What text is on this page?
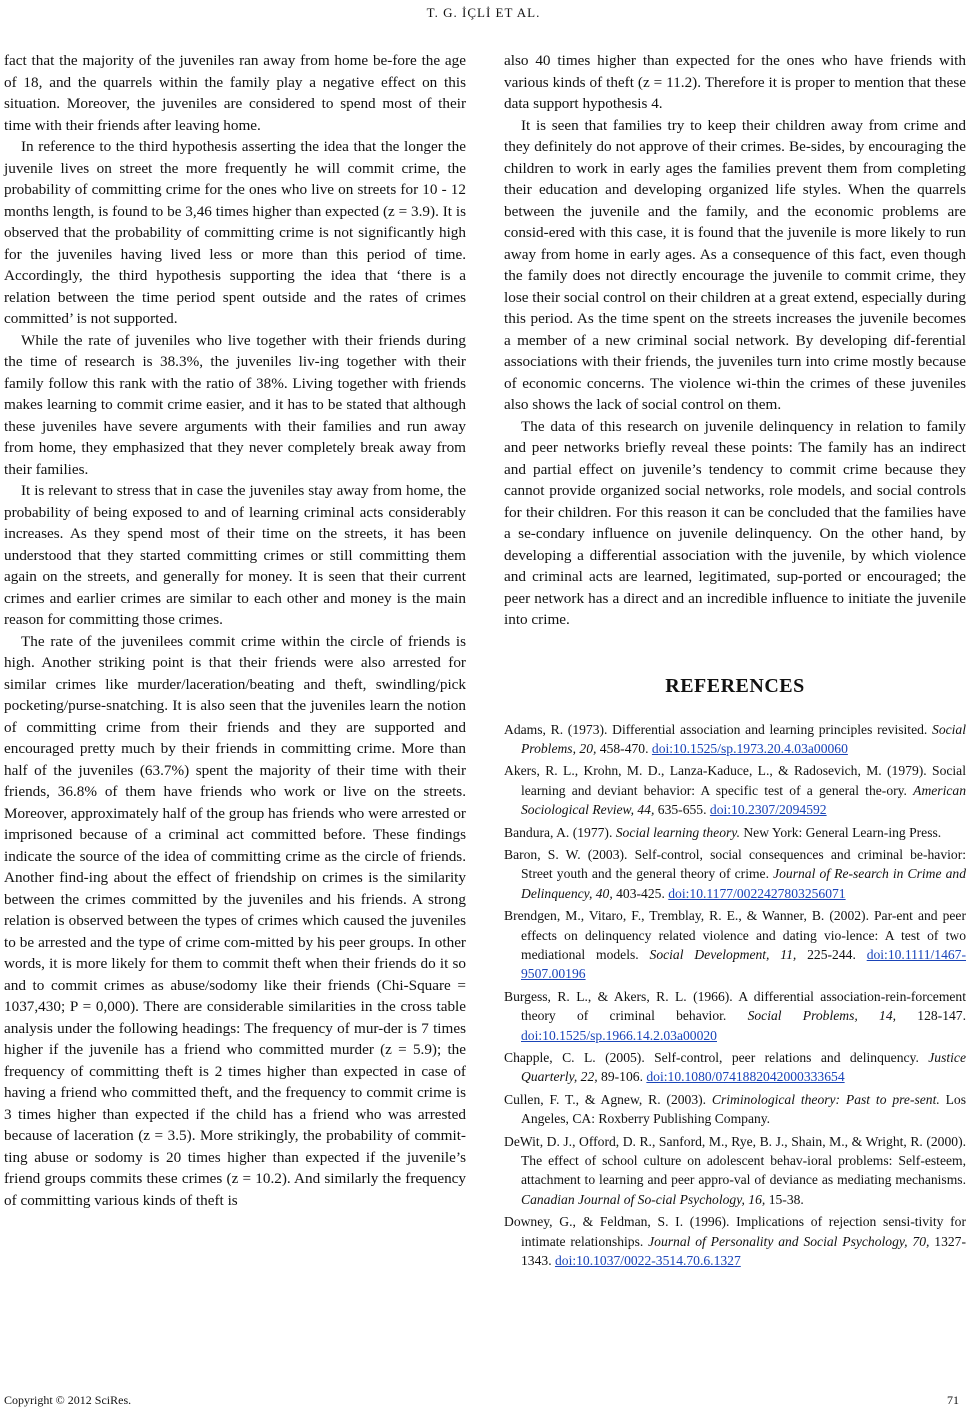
T. G. İÇLİ ET AL.

fact that the majority of the juveniles ran away from home be-fore the age of 18, and the quarrels within the family play a negative effect on this situation. Moreover, the juveniles are considered to spend most of their time with their friends after leaving home.

In reference to the third hypothesis asserting the idea that the longer the juvenile lives on street the more frequently he will commit crime, the probability of committing crime for the ones who live on streets for 10 - 12 months length, is found to be 3,46 times higher than expected (z = 3.9). It is observed that the probability of committing crime is not significantly high for the juveniles having lived less or more than this period of time. Accordingly, the third hypothesis supporting the idea that ‘there is a relation between the time period spent outside and the rates of crimes committed’ is not supported.

While the rate of juveniles who live together with their friends during the time of research is 38.3%, the juveniles liv-ing together with their family follow this rank with the ratio of 38%. Living together with friends makes learning to commit crime easier, and it has to be stated that although these juveniles have severe arguments with their families and run away from home, they emphasized that they never completely break away from their families.

It is relevant to stress that in case the juveniles stay away from home, the probability of being exposed to and of learning criminal acts considerably increases. As they spend most of their time on the streets, it has been understood that they started committing crimes or still committing them again on the streets, and generally for money. It is seen that their current crimes and earlier crimes are similar to each other and money is the main reason for committing those crimes.

The rate of the juvenilees commit crime within the circle of friends is high. Another striking point is that their friends were also arrested for similar crimes like murder/laceration/beating and theft, swindling/pick pocketing/purse-snatching. It is also seen that the juveniles learn the notion of committing crime from their friends and they are supported and encouraged pretty much by their friends in committing crime. More than half of the juveniles (63.7%) spent the majority of their time with their friends, 36.8% of them have friends who work or live on the streets. Moreover, approximately half of the group has friends who were arrested or imprisoned because of a criminal act committed before. These findings indicate the source of the idea of committing crime as the circle of friends. Another find-ing about the effect of friendship on crimes is the similarity between the crimes committed by the juveniles and his friends. A strong relation is observed between the types of crimes which caused the juveniles to be arrested and the type of crime com-mitted by his peer groups. In other words, it is more likely for them to commit theft when their friends do it so and to commit crimes as abuse/sodomy like their friends (Chi-Square = 1037,430; P = 0,000). There are considerable similarities in the cross table analysis under the following headings: The frequency of mur-der is 7 times higher if the juvenile has a friend who committed murder (z = 5.9); the frequency of committing theft is 2 times higher than expected in case of having a friend who committed theft, and the frequency to commit crime is 3 times higher than expected if the child has a friend who was arrested because of laceration (z = 3.5). More strikingly, the probability of commit-ting abuse or sodomy is 20 times higher than expected if the juvenile’s friend groups commits these crimes (z = 10.2). And similarly the frequency of committing various kinds of theft is

also 40 times higher than expected for the ones who have friends with various kinds of theft (z = 11.2). Therefore it is proper to mention that these data support hypothesis 4.

It is seen that families try to keep their children away from crime and they definitely do not approve of their crimes. Be-sides, by encouraging the children to work in early ages the families prevent them from completing their education and developing organized life styles. When the quarrels between the juvenile and the family, and the economic problems are consid-ered with this case, it is found that the juvenile is more likely to run away from home in early ages. As a consequence of this fact, even though the family does not directly encourage the juvenile to commit crime, they lose their social control on their children at a great extend, especially during this period. As the time spent on the streets increases the juvenile becomes a member of a new criminal social network. By developing dif-ferential associations with their friends, the juveniles turn into crime mostly because of economic concerns. The violence wi-thin the crimes of these juveniles also shows the lack of social control on them.

The data of this research on juvenile delinquency in relation to family and peer networks briefly reveal these points: The family has an indirect and partial effect on juvenile’s tendency to commit crime because they cannot provide organized social networks, role models, and social controls for their children. For this reason it can be concluded that the families have a se-condary influence on juvenile delinquency. On the other hand, by developing a differential association with the juvenile, by which violence and criminal acts are learned, legitimated, sup-ported or encouraged; the peer network has a direct and an incredible influence to initiate the juvenile into crime.

REFERENCES
Adams, R. (1973). Differential association and learning principles revisited. Social Problems, 20, 458-470. doi:10.1525/sp.1973.20.4.03a00060
Akers, R. L., Krohn, M. D., Lanza-Kaduce, L., & Radosevich, M. (1979). Social learning and deviant behavior: A specific test of a general the-ory. American Sociological Review, 44, 635-655. doi:10.2307/2094592
Bandura, A. (1977). Social learning theory. New York: General Learn-ing Press.
Baron, S. W. (2003). Self-control, social consequences and criminal be-havior: Street youth and the general theory of crime. Journal of Re-search in Crime and Delinquency, 40, 403-425. doi:10.1177/0022427803256071
Brendgen, M., Vitaro, F., Tremblay, R. E., & Wanner, B. (2002). Par-ent and peer effects on delinquency related violence and dating vio-lence: A test of two mediational models. Social Development, 11, 225-244. doi:10.1111/1467-9507.00196
Burgess, R. L., & Akers, R. L. (1966). A differential association-rein-forcement theory of criminal behavior. Social Problems, 14, 128-147. doi:10.1525/sp.1966.14.2.03a00020
Chapple, C. L. (2005). Self-control, peer relations and delinquency. Justice Quarterly, 22, 89-106. doi:10.1080/0741882042000333654
Cullen, F. T., & Agnew, R. (2003). Criminological theory: Past to pre-sent. Los Angeles, CA: Roxberry Publishing Company.
DeWit, D. J., Offord, D. R., Sanford, M., Rye, B. J., Shain, M., & Wright, R. (2000). The effect of school culture on adolescent behav-ioral problems: Self-esteem, attachment to learning and peer appro-val of deviance as mediating mechanisms. Canadian Journal of So-cial Psychology, 16, 15-38.
Downey, G., & Feldman, S. I. (1996). Implications of rejection sensi-tivity for intimate relationships. Journal of Personality and Social Psychology, 70, 1327-1343. doi:10.1037/0022-3514.70.6.1327
Copyright © 2012 SciRes.	71
